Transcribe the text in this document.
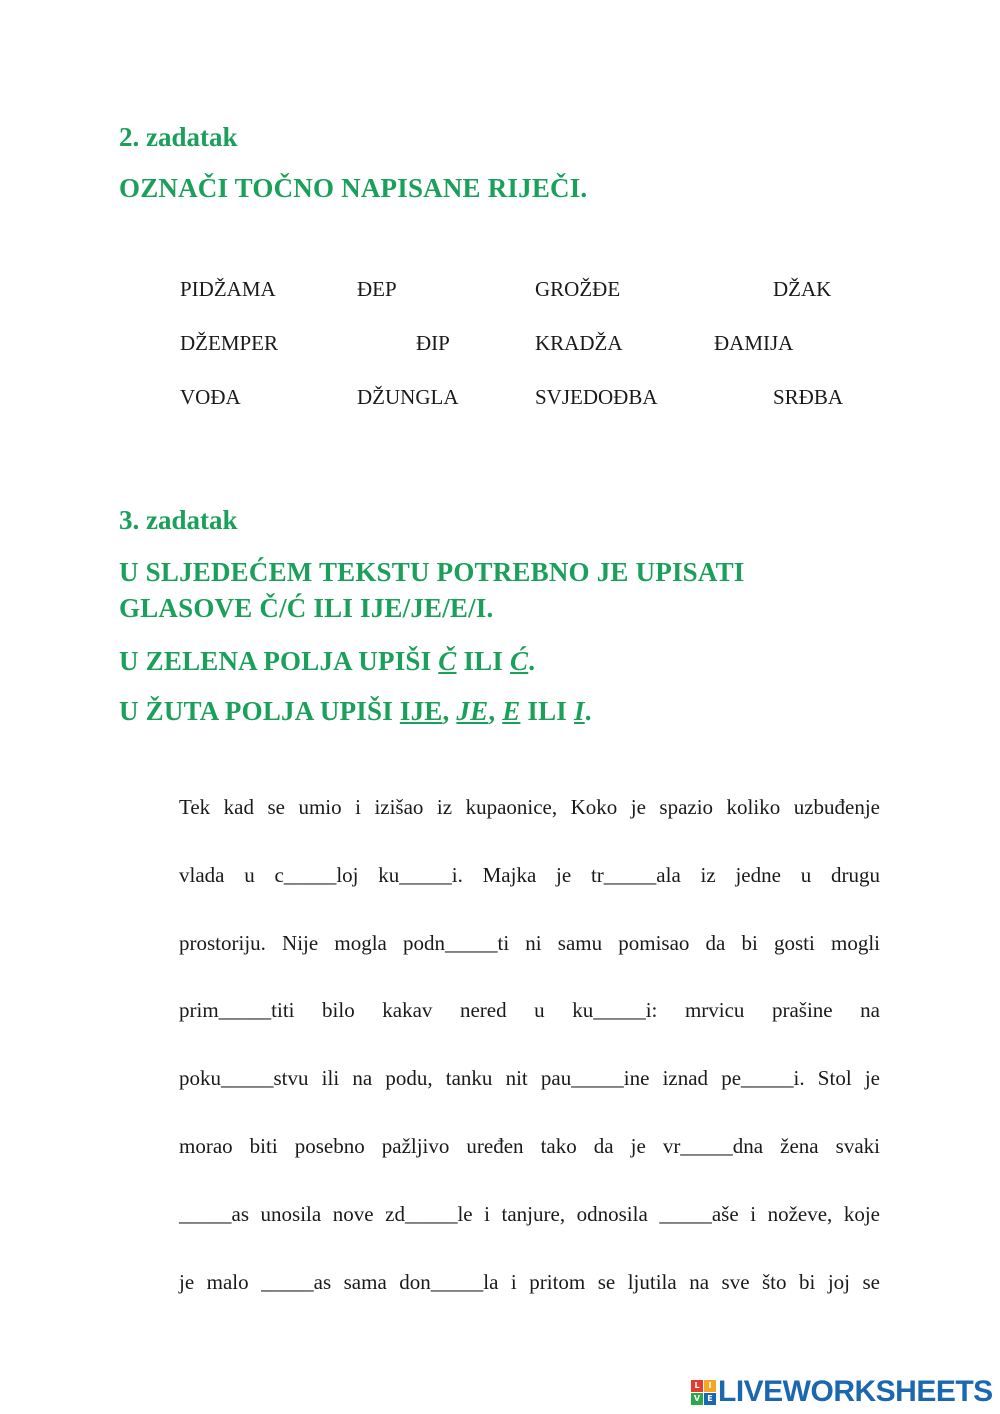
2. zadatak
OZNAČI TOČNO NAPISANE RIJEČI.
PIDŽAMA	ĐEP	GROŽĐE	DŽAK
DŽEMPER	ĐIP	KRADŽA	ĐAMIJA
VOĐA	DŽUNGLA	SVJEDOĐBA	SRĐBA
3. zadatak
U SLJEDEĆEM TEKSTU POTREBNO JE UPISATI
GLASOVE Č/Ć ILI IJE/JE/E/I.
U ZELENA POLJA UPIŠI Č ILI Ć.
U ŽUTA POLJA UPIŠI IJE, JE, E ILI I.
Tek kad se umio i izišao iz kupaonice, Koko je spazio koliko uzbuđenje
vlada u c_____loj ku_____i. Majka je tr_____ala iz jedne u drugu
prostoriju. Nije mogla podn_____ti ni samu pomisao da bi gosti mogli
prim_____titi bilo kakav nered u ku_____i: mrvicu prašine na
poku_____stvu ili na podu, tanku nit pau_____ine iznad pe_____i. Stol je
morao biti posebno pažljivo uređen tako da je vr_____dna žena svaki
_____as unosila nove zd_____le i tanjure, odnosila _____aše i noževe, koje
je malo _____as sama don_____la i pritom se ljutila na sve što bi joj se
L	I
V E LIVEWORKSHEETS
